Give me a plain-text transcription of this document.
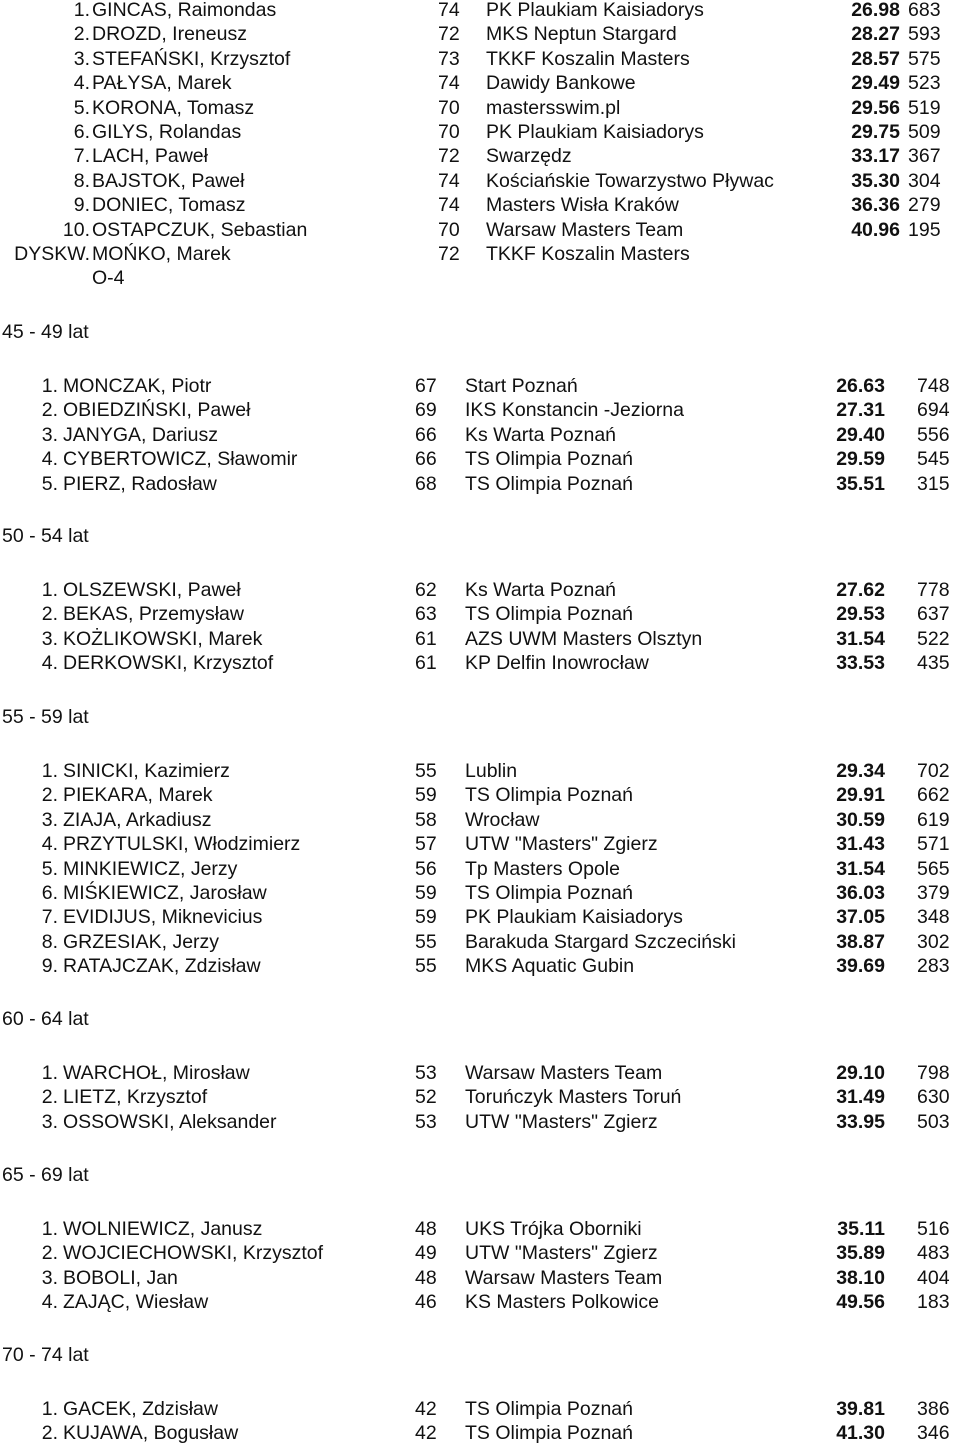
1. GINCAS, Raimondas	74 PK Plaukiam Kaisiadorys	26.98 683
2. DROZD, Ireneusz	72 MKS Neptun Stargard	28.27 593
3. STEFAŃSKI, Krzysztof	73 TKKF Koszalin Masters	28.57 575
4. PAŁYSA, Marek	74 Dawidy Bankowe	29.49 523
5. KORONA, Tomasz	70 mastersswim.pl	29.56 519
6. GILYS, Rolandas	70 PK Plaukiam Kaisiadorys	29.75 509
7. LACH, Paweł	72 Swarzędz	33.17 367
8. BAJSTOK, Paweł	74 Kościańskie Towarzystwo Pływac	35.30 304
9. DONIEC, Tomasz	74 Masters Wisła Kraków	36.36 279
10. OSTAPCZUK, Sebastian	70 Warsaw Masters Team	40.96 195
DYSKW. MOŃKO, Marek	72 TKKF Koszalin Masters
O-4
45 - 49 lat
1. MONCZAK, Piotr	67 Start Poznań	26.63 748
2. OBIEDZIŃSKI, Paweł	69 IKS Konstancin -Jeziorna	27.31 694
3. JANYGA, Dariusz	66 Ks Warta Poznań	29.40 556
4. CYBERTOWICZ, Sławomir	66 TS Olimpia Poznań	29.59 545
5. PIERZ, Radosław	68 TS Olimpia Poznań	35.51 315
50 - 54 lat
1. OLSZEWSKI, Paweł	62 Ks Warta Poznań	27.62 778
2. BEKAS, Przemysław	63 TS Olimpia Poznań	29.53 637
3. KOŻLIKOWSKI, Marek	61 AZS UWM Masters Olsztyn	31.54 522
4. DERKOWSKI, Krzysztof	61 KP Delfin Inowrocław	33.53 435
55 - 59 lat
1. SINICKI, Kazimierz	55 Lublin	29.34 702
2. PIEKARA, Marek	59 TS Olimpia Poznań	29.91 662
3. ZIAJA, Arkadiusz	58 Wrocław	30.59 619
4. PRZYTULSKI, Włodzimierz	57 UTW "Masters" Zgierz	31.43 571
5. MINKIEWICZ, Jerzy	56 Tp Masters Opole	31.54 565
6. MIŚKIEWICZ, Jarosław	59 TS Olimpia Poznań	36.03 379
7. EVIDIJUS, Miknevicius	59 PK Plaukiam Kaisiadorys	37.05 348
8. GRZESIAK, Jerzy	55 Barakuda Stargard Szczeciński	38.87 302
9. RATAJCZAK, Zdzisław	55 MKS Aquatic Gubin	39.69 283
60 - 64 lat
1. WARCHOŁ, Mirosław	53 Warsaw Masters Team	29.10 798
2. LIETZ, Krzysztof	52 Toruńczyk Masters Toruń	31.49 630
3. OSSOWSKI, Aleksander	53 UTW "Masters" Zgierz	33.95 503
65 - 69 lat
1. WOLNIEWICZ, Janusz	48 UKS Trójka Oborniki	35.11 516
2. WOJCIECHOWSKI, Krzysztof	49 UTW "Masters" Zgierz	35.89 483
3. BOBOLI, Jan	48 Warsaw Masters Team	38.10 404
4. ZAJĄC, Wiesław	46 KS Masters Polkowice	49.56 183
70 - 74 lat
1. GACEK, Zdzisław	42 TS Olimpia Poznań	39.81 386
2. KUJAWA, Bogusław	42 TS Olimpia Poznań	41.30 346
